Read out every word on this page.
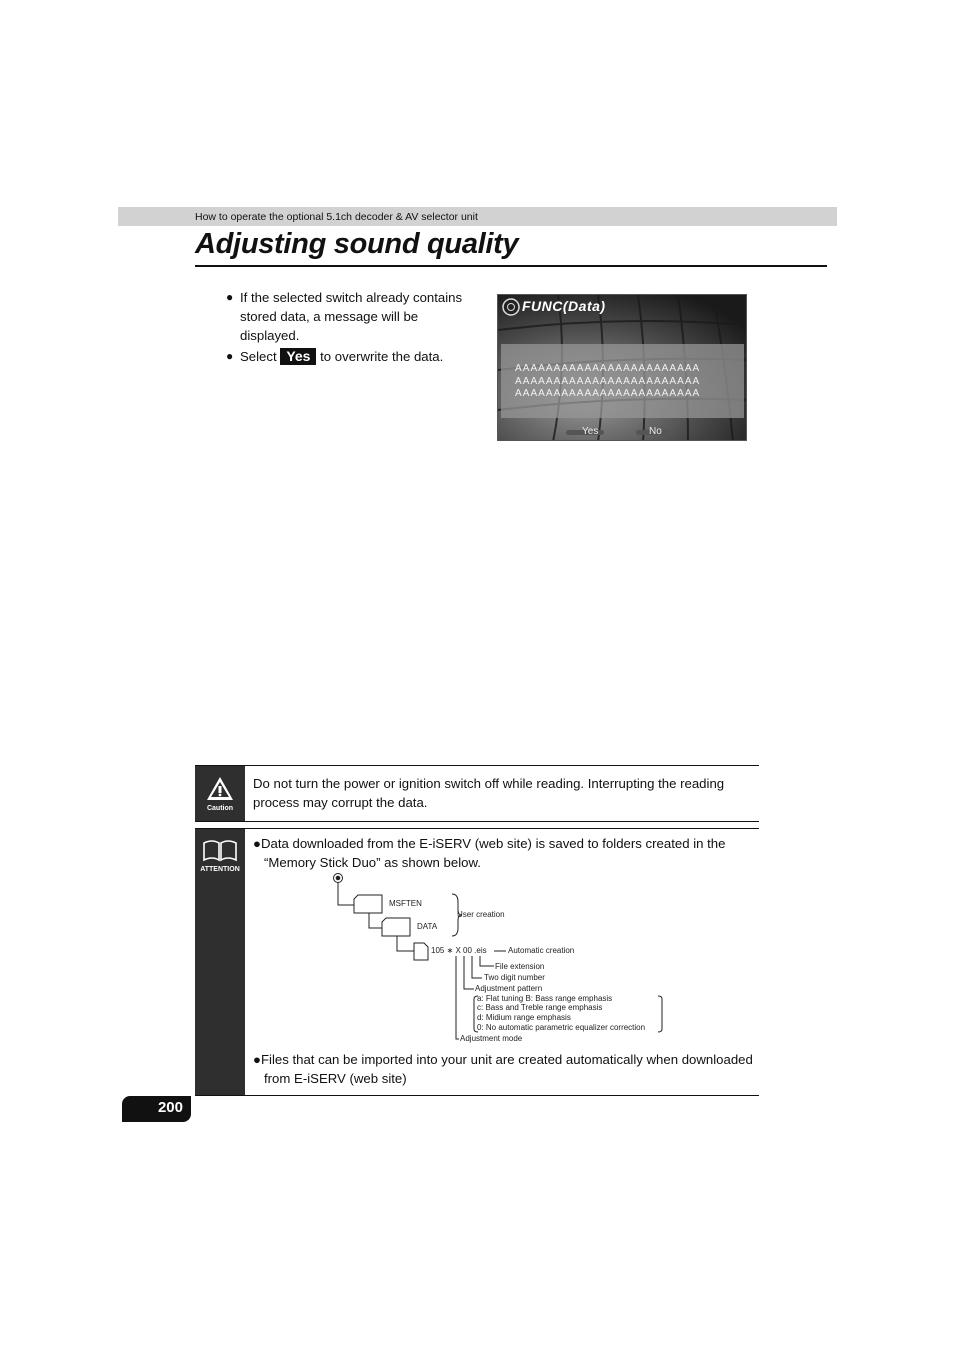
How to operate the optional 5.1ch decoder & AV selector unit
Adjusting sound quality
● If the selected switch already contains stored data, a message will be displayed.
● Select Yes to overwrite the data.
FUNC(Data)
AAAAAAAAAAAAAAAAAAAAAAAA
AAAAAAAAAAAAAAAAAAAAAAAA
AAAAAAAAAAAAAAAAAAAAAAAA
Yes	No
Caution
Do not turn the power or ignition switch off while reading. Interrupting the reading process may corrupt the data.
ATTENTION
●Data downloaded from the E-iSERV (web site) is saved to folders created in the “Memory Stick Duo” as shown below.
●Files that can be imported into your unit are created automatically when downloaded from E-iSERV (web site)
MSFTEN
DATA
User creation
105 ∗ X 00 .eis	Automatic creation
File extension
Two digit number
Adjustment pattern
a: Flat tuning B: Bass range emphasis
c: Bass and Treble range emphasis
d: Midium range emphasis
0: No automatic parametric equalizer correction
Adjustment mode
200
